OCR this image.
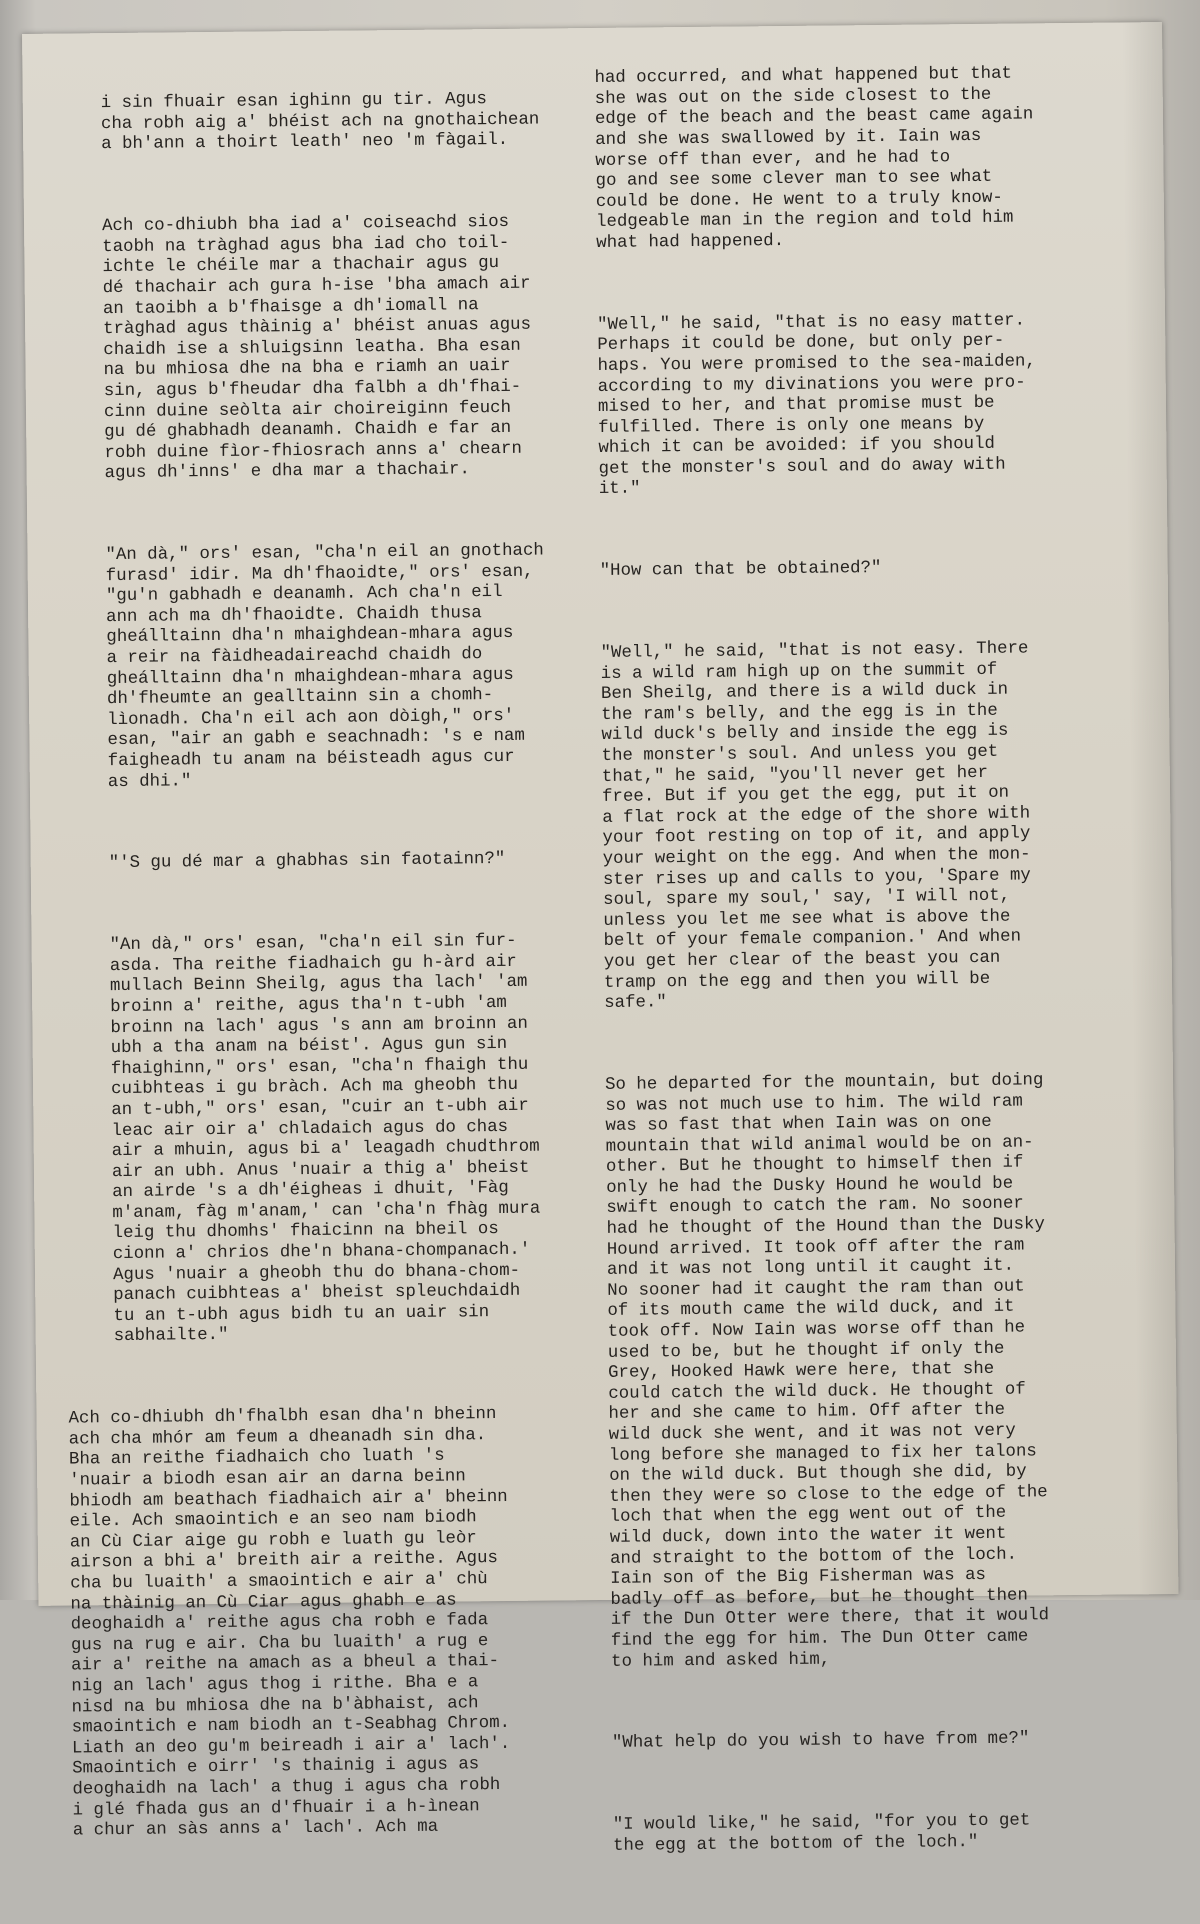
i sin fhuair esan ighinn gu tir. Agus
cha robh aig a' bhéist ach na gnothaichean
a bh'ann a thoirt leath' neo 'm fàgail.

Ach co-dhiubh bha iad a' coiseachd sios
taobh na tràghad agus bha iad cho toil-
ichte le chéile mar a thachair agus gu
dé thachair ach gura h-ise 'bha amach air
an taoibh a b'fhaisge a dh'iomall na
tràghad agus thàinig a' bhéist anuas agus
chaidh ise a shluigsinn leatha. Bha esan
na bu mhiosa dhe na bha e riamh an uair
sin, agus b'fheudar dha falbh a dh'fhai-
cinn duine seòlta air choireiginn feuch
gu dé ghabhadh deanamh. Chaidh e far an
robh duine fìor-fhiosrach anns a' chearn
agus dh'inns' e dha mar a thachair.

"An dà," ors' esan, "cha'n eil an gnothach
furasd' idir. Ma dh'fhaoidte," ors' esan,
"gu'n gabhadh e deanamh. Ach cha'n eil
ann ach ma dh'fhaoidte. Chaidh thusa
gheálltainn dha'n mhaighdean-mhara agus
a reir na fàidheadaireachd chaidh do
gheálltainn dha'n mhaighdean-mhara agus
dh'fheumte an gealltainn sin a chomh-
lìonadh. Cha'n eil ach aon dòigh," ors'
esan, "air an gabh e seachnadh: 's e nam
faigheadh tu anam na béisteadh agus cur
as dhi."

"'S gu dé mar a ghabhas sin faotainn?"

"An dà," ors' esan, "cha'n eil sin fur-
asda. Tha reithe fiadhaich gu h-àrd air
mullach Beinn Sheilg, agus tha lach' 'am
broinn a' reithe, agus tha'n t-ubh 'am
broinn na lach' agus 's ann am broinn an
ubh a tha anam na béist'. Agus gun sin
fhaighinn," ors' esan, "cha'n fhaigh thu
cuibhteas i gu bràch. Ach ma gheobh thu
an t-ubh," ors' esan, "cuir an t-ubh air
leac air oir a' chladaich agus do chas
air a mhuin, agus bi a' leagadh chudthrom
air an ubh. Anus 'nuair a thig a' bheist
an airde 's a dh'éigheas i dhuit, 'Fàg
m'anam, fàg m'anam,' can 'cha'n fhàg mura
leig thu dhomhs' fhaicinn na bheil os
cionn a' chrios dhe'n bhana-chompanach.'
Agus 'nuair a gheobh thu do bhana-chom-
panach cuibhteas a' bheist spleuchdaidh
tu an t-ubh agus bidh tu an uair sin
sabhailte."

Ach co-dhiubh dh'fhalbh esan dha'n bheinn
ach cha mhór am feum a dheanadh sin dha.
Bha an reithe fiadhaich cho luath 's
'nuair a biodh esan air an darna beinn
bhiodh am beathach fiadhaich air a' bheinn
eile. Ach smaointich e an seo nam biodh
an Cù Ciar aige gu robh e luath gu leòr
airson a bhi a' breith air a reithe. Agus
cha bu luaith' a smaointich e air a' chù
na thàinig an Cù Ciar agus ghabh e as
deoghaidh a' reithe agus cha robh e fada
gus na rug e air. Cha bu luaith' a rug e
air a' reithe na amach as a bheul a thai-
nig an lach' agus thog i rithe. Bha e a
nisd na bu mhiosa dhe na b'àbhaist, ach
smaointich e nam biodh an t-Seabhag Chrom.
Liath an deo gu'm beireadh i air a' lach'.
Smaointich e oirr' 's thainig i agus as
deoghaidh na lach' a thug i agus cha robh
i glé fhada gus an d'fhuair i a h-ìnean
a chur an sàs anns a' lach'. Ach ma

had occurred, and what happened but that
she was out on the side closest to the
edge of the beach and the beast came again
and she was swallowed by it. Iain was
worse off than ever, and he had to
go and see some clever man to see what
could be done. He went to a truly know-
ledgeable man in the region and told him
what had happened.

"Well," he said, "that is no easy matter.
Perhaps it could be done, but only per-
haps. You were promised to the sea-maiden,
according to my divinations you were pro-
mised to her, and that promise must be
fulfilled. There is only one means by
which it can be avoided: if you should
get the monster's soul and do away with
it."

"How can that be obtained?"

"Well," he said, "that is not easy. There
is a wild ram high up on the summit of
Ben Sheilg, and there is a wild duck in
the ram's belly, and the egg is in the
wild duck's belly and inside the egg is
the monster's soul. And unless you get
that," he said, "you'll never get her
free. But if you get the egg, put it on
a flat rock at the edge of the shore with
your foot resting on top of it, and apply
your weight on the egg. And when the mon-
ster rises up and calls to you, 'Spare my
soul, spare my soul,' say, 'I will not,
unless you let me see what is above the
belt of your female companion.' And when
you get her clear of the beast you can
tramp on the egg and then you will be
safe."

So he departed for the mountain, but doing
so was not much use to him. The wild ram
was so fast that when Iain was on one
mountain that wild animal would be on an-
other. But he thought to himself then if
only he had the Dusky Hound he would be
swift enough to catch the ram. No sooner
had he thought of the Hound than the Dusky
Hound arrived. It took off after the ram
and it was not long until it caught it.
No sooner had it caught the ram than out
of its mouth came the wild duck, and it
took off. Now Iain was worse off than he
used to be, but he thought if only the
Grey, Hooked Hawk were here, that she
could catch the wild duck. He thought of
her and she came to him. Off after the
wild duck she went, and it was not very
long before she managed to fix her talons
on the wild duck. But though she did, by
then they were so close to the edge of the
loch that when the egg went out of the
wild duck, down into the water it went
and straight to the bottom of the loch.
Iain son of the Big Fisherman was as
badly off as before, but he thought then
if the Dun Otter were there, that it would
find the egg for him. The Dun Otter came
to him and asked him,

"What help do you wish to have from me?"

"I would like," he said, "for you to get
the egg at the bottom of the loch."
